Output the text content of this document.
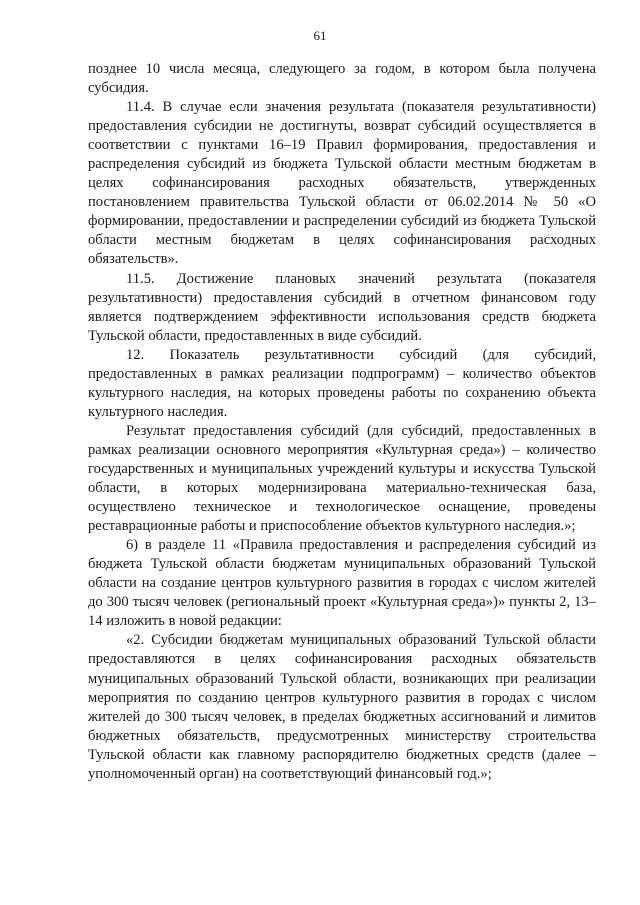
61

позднее 10 числа месяца, следующего за годом, в котором была получена субсидия.

11.4. В случае если значения результата (показателя результативности) предоставления субсидии не достигнуты, возврат субсидий осуществляется в соответствии с пунктами 16–19 Правил формирования, предоставления и распределения субсидий из бюджета Тульской области местным бюджетам в целях софинансирования расходных обязательств, утвержденных постановлением правительства Тульской области от 06.02.2014 № 50 «О формировании, предоставлении и распределении субсидий из бюджета Тульской области местным бюджетам в целях софинансирования расходных обязательств».

11.5. Достижение плановых значений результата (показателя результативности) предоставления субсидий в отчетном финансовом году является подтверждением эффективности использования средств бюджета Тульской области, предоставленных в виде субсидий.

12. Показатель результативности субсидий (для субсидий, предоставленных в рамках реализации подпрограмм) – количество объектов культурного наследия, на которых проведены работы по сохранению объекта культурного наследия.

Результат предоставления субсидий (для субсидий, предоставленных в рамках реализации основного мероприятия «Культурная среда») – количество государственных и муниципальных учреждений культуры и искусства Тульской области, в которых модернизирована материально-техническая база, осуществлено техническое и технологическое оснащение, проведены реставрационные работы и приспособление объектов культурного наследия.»;

6) в разделе 11 «Правила предоставления и распределения субсидий из бюджета Тульской области бюджетам муниципальных образований Тульской области на создание центров культурного развития в городах с числом жителей до 300 тысяч человек (региональный проект «Культурная среда»)» пункты 2, 13–14 изложить в новой редакции:

«2. Субсидии бюджетам муниципальных образований Тульской области предоставляются в целях софинансирования расходных обязательств муниципальных образований Тульской области, возникающих при реализации мероприятия по созданию центров культурного развития в городах с числом жителей до 300 тысяч человек, в пределах бюджетных ассигнований и лимитов бюджетных обязательств, предусмотренных министерству строительства Тульской области как главному распорядителю бюджетных средств (далее – уполномоченный орган) на соответствующий финансовый год.»;
